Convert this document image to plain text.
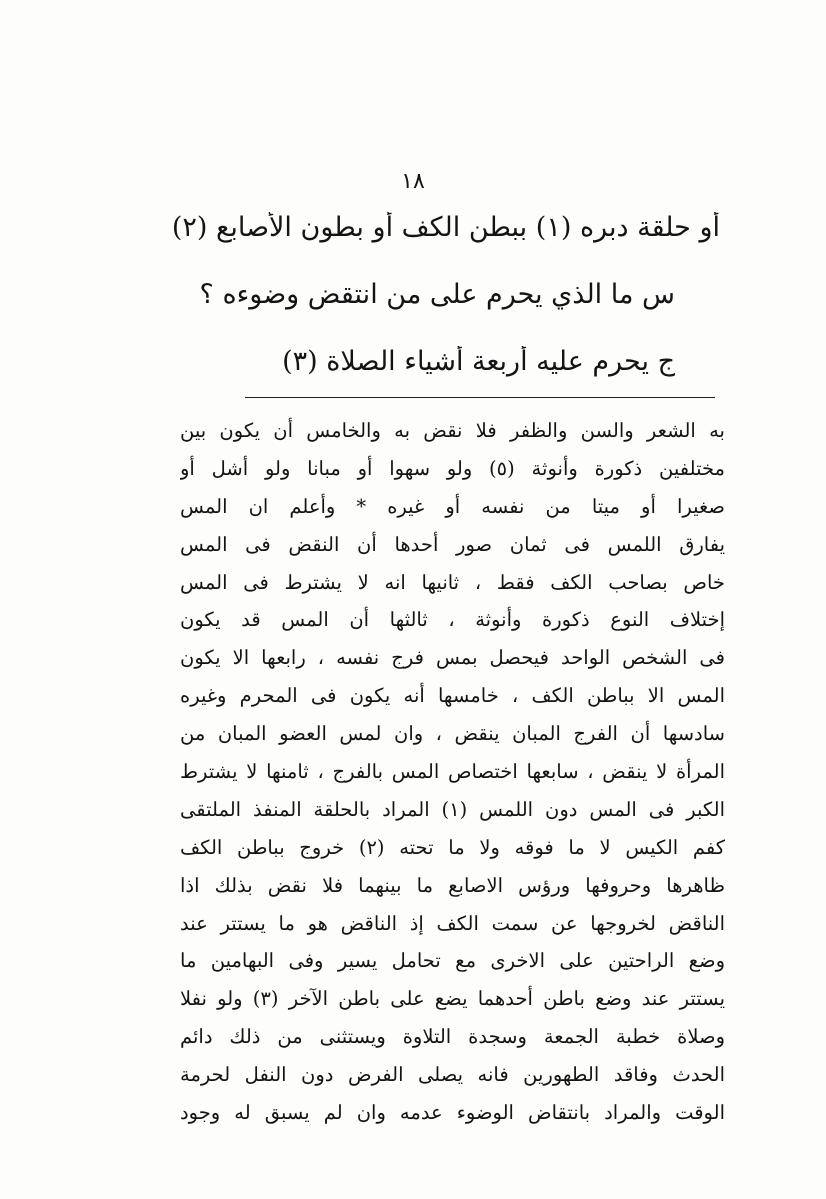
١٨
أو حلقة دبره (١) ببطن الكف أو بطون الأصابع (٢)
س ما الذي يحرم على من انتقض وضوءه ؟
ج يحرم عليه أربعة أشياء الصلاة (٣)
به الشعر والسن والظفر فلا نقض به والخامس أن يكون بين
مختلفين ذكورة وأنوثة (٥) ولو سهوا أو مبانا ولو أشل أو
صغيرا أو ميتا من نفسه أو غيره * وأعلم ان المس
يفارق اللمس فى ثمان صور أحدها أن النقض فى المس
خاص بصاحب الكف فقط ، ثانيها انه لا يشترط فى المس
إختلاف النوع ذكورة وأنوثة ، ثالثها أن المس قد يكون
فى الشخص الواحد فيحصل بمس فرج نفسه ، رابعها الا يكون
المس الا بباطن الكف ، خامسها أنه يكون فى المحرم وغيره
سادسها أن الفرج المبان ينقض ، وان لمس العضو المبان من
المرأة لا ينقض ، سابعها اختصاص المس بالفرج ، ثامنها لا يشترط
الكبر فى المس دون اللمس (١) المراد بالحلقة المنفذ الملتقى
كفم الكيس لا ما فوقه ولا ما تحته (٢) خروج بباطن الكف
ظاهرها وحروفها ورؤس الاصابع ما بينهما فلا نقض بذلك اذا
الناقض لخروجها عن سمت الكف إذ الناقض هو ما يستتر عند
وضع الراحتين على الاخرى مع تحامل يسير وفى البهامين ما
يستتر عند وضع باطن أحدهما يضع على باطن الآخر (٣) ولو نفلا
وصلاة خطبة الجمعة وسجدة التلاوة ويستثنى من ذلك دائم
الحدث وفاقد الطهورين فانه يصلى الفرض دون النفل لحرمة
الوقت والمراد بانتقاض الوضوء عدمه وان لم يسبق له وجود
